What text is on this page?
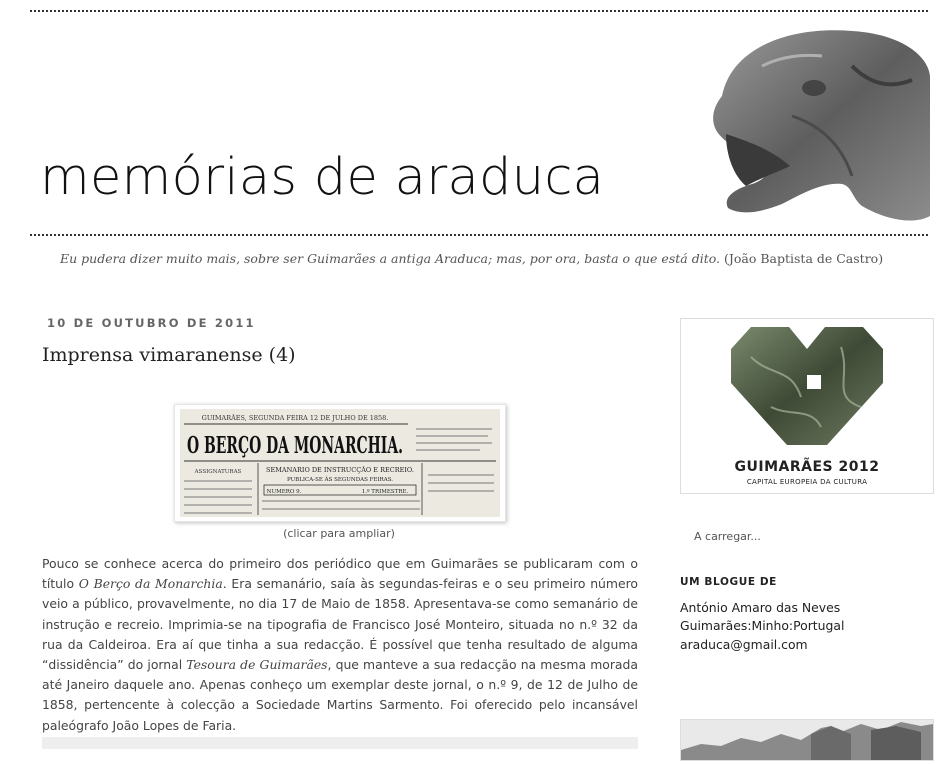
memórias de araduca
Eu pudera dizer muito mais, sobre ser Guimarães a antiga Araduca; mas, por ora, basta o que está dito. (João Baptista de Castro)
10 DE OUTUBRO DE 2011
Imprensa vimaranense (4)
GUIMARÃES, SEGUNDA FEIRA 12 DE JULHO DE 1858.
O BERÇO DA MONARCHIA.
ASSIGNATURAS	SEMANARIO DE INSTRUCÇÃO E RECREIO.
PUBLICA-SE ÁS SEGUNDAS FEIRAS.
NUMERO 9.	1.º TRIMESTRE.
(clicar para ampliar)

Pouco se conhece acerca do primeiro dos periódico que em Guimarães se publicaram com o título O Berço da Monarchia. Era semanário, saía às segundas-feiras e o seu primeiro número veio a público, provavelmente, no dia 17 de Maio de 1858. Apresentava-se como semanário de instrução e recreio. Imprimia-se na tipografia de Francisco José Monteiro, situada no n.º 32 da rua da Caldeiroa. Era aí que tinha a sua redacção. É possível que tenha resultado de alguma “dissidência” do jornal Tesoura de Guimarães, que manteve a sua redacção na mesma morada até Janeiro daquele ano. Apenas conheço um exemplar deste jornal, o n.º 9, de 12 de Julho de 1858, pertencente à colecção a Sociedade Martins Sarmento. Foi oferecido pelo incansável paleógrafo João Lopes de Faria.

GUIMARÃES 2012
CAPITAL EUROPEIA DA CULTURA
A carregar...
UM BLOGUE DE
António Amaro das Neves
Guimarães:Minho:Portugal
araduca@gmail.com
